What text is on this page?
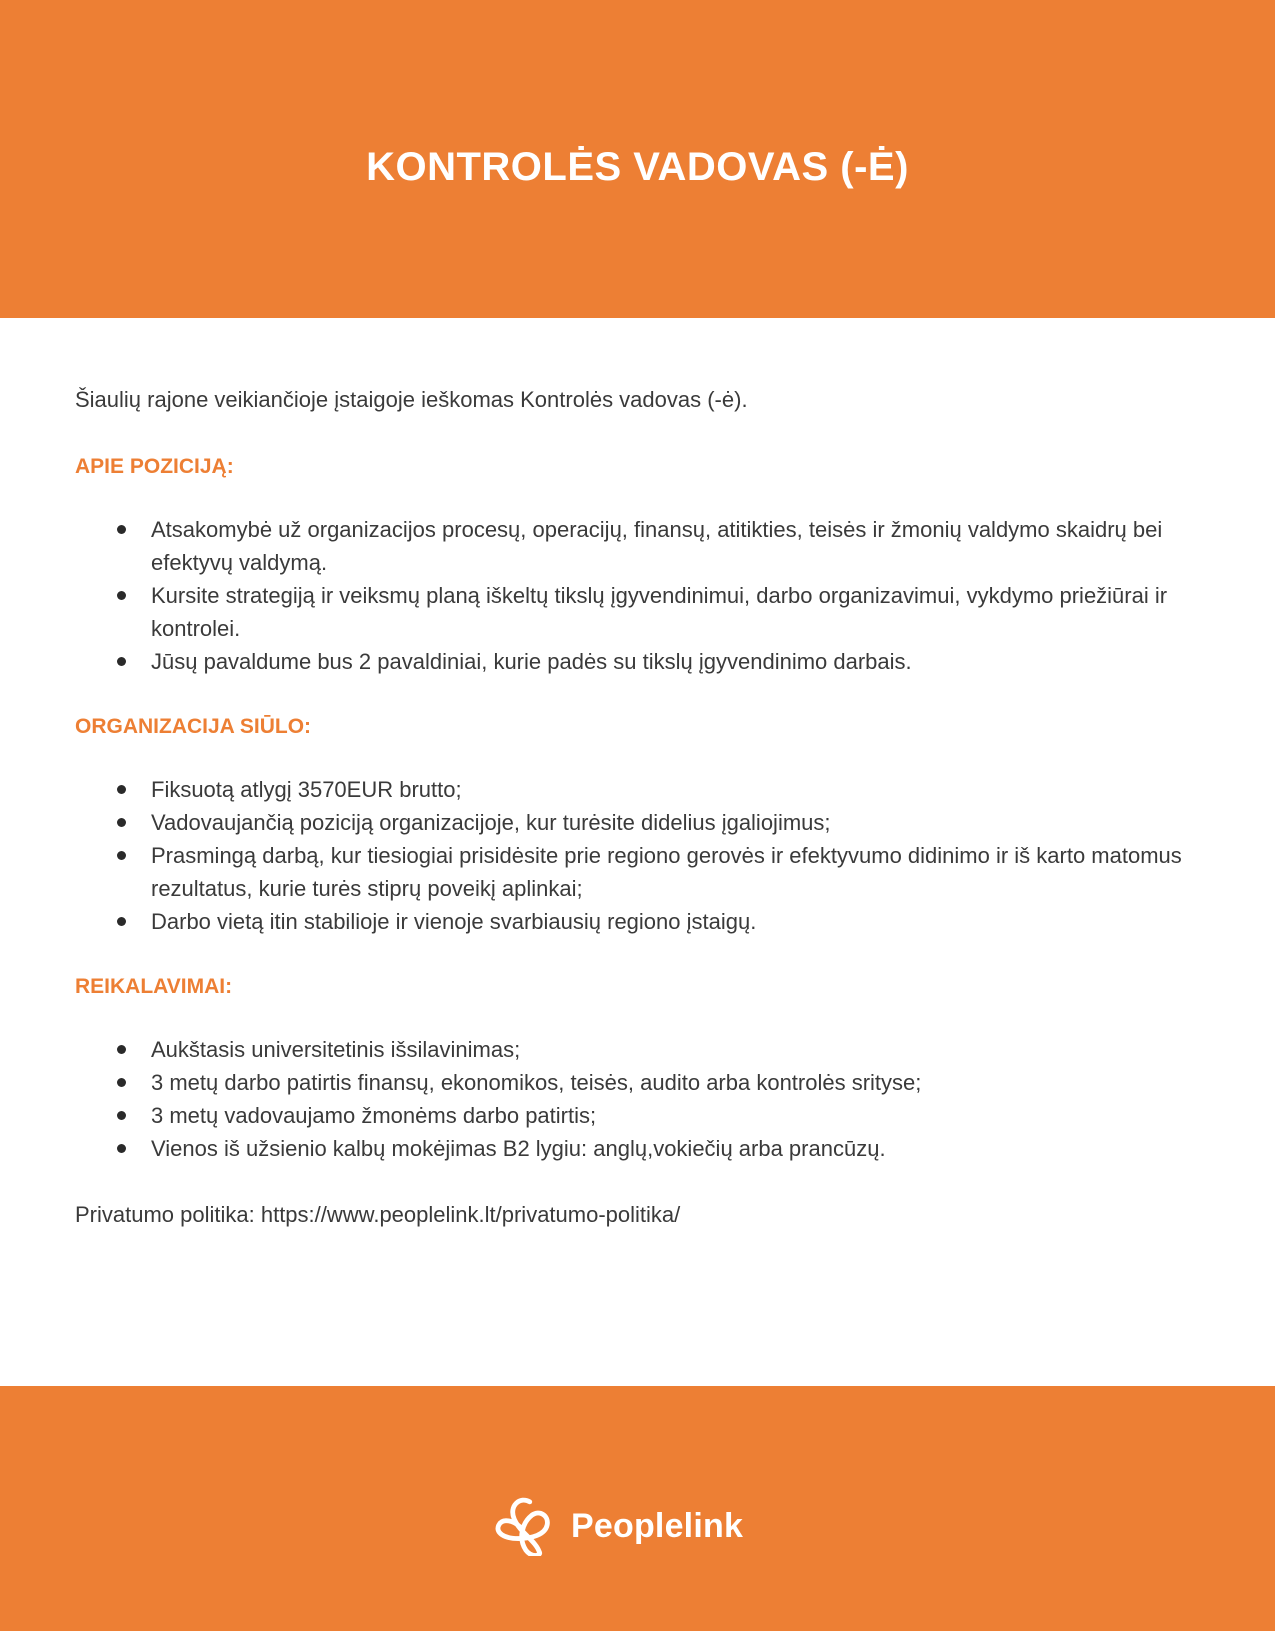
KONTROLĖS VADOVAS (-Ė)

Šiaulių rajone veikiančioje įstaigoje ieškomas Kontrolės vadovas (-ė).

APIE POZICIJĄ:

Atsakomybė už organizacijos procesų, operacijų, finansų, atitikties, teisės ir žmonių valdymo skaidrų bei efektyvų valdymą.
Kursite strategiją ir veiksmų planą iškeltų tikslų įgyvendinimui, darbo organizavimui, vykdymo priežiūrai ir kontrolei.
Jūsų pavaldume bus 2 pavaldiniai, kurie padės su tikslų įgyvendinimo darbais.

ORGANIZACIJA SIŪLO:

Fiksuotą atlygį 3570EUR brutto;
Vadovaujančią poziciją organizacijoje, kur turėsite didelius įgaliojimus;
Prasmingą darbą, kur tiesiogiai prisidėsite prie regiono gerovės ir efektyvumo didinimo ir iš karto matomus rezultatus, kurie turės stiprų poveikį aplinkai;
Darbo vietą itin stabilioje ir vienoje svarbiausių regiono įstaigų.

REIKALAVIMAI:

Aukštasis universitetinis išsilavinimas;
3 metų darbo patirtis finansų, ekonomikos, teisės, audito arba kontrolės srityse;
3 metų vadovaujamo žmonėms darbo patirtis;
Vienos iš užsienio kalbų mokėjimas B2 lygiu: anglų,vokiečių arba prancūzų.

Privatumo politika: https://www.peoplelink.lt/privatumo-politika/

Peoplelink
